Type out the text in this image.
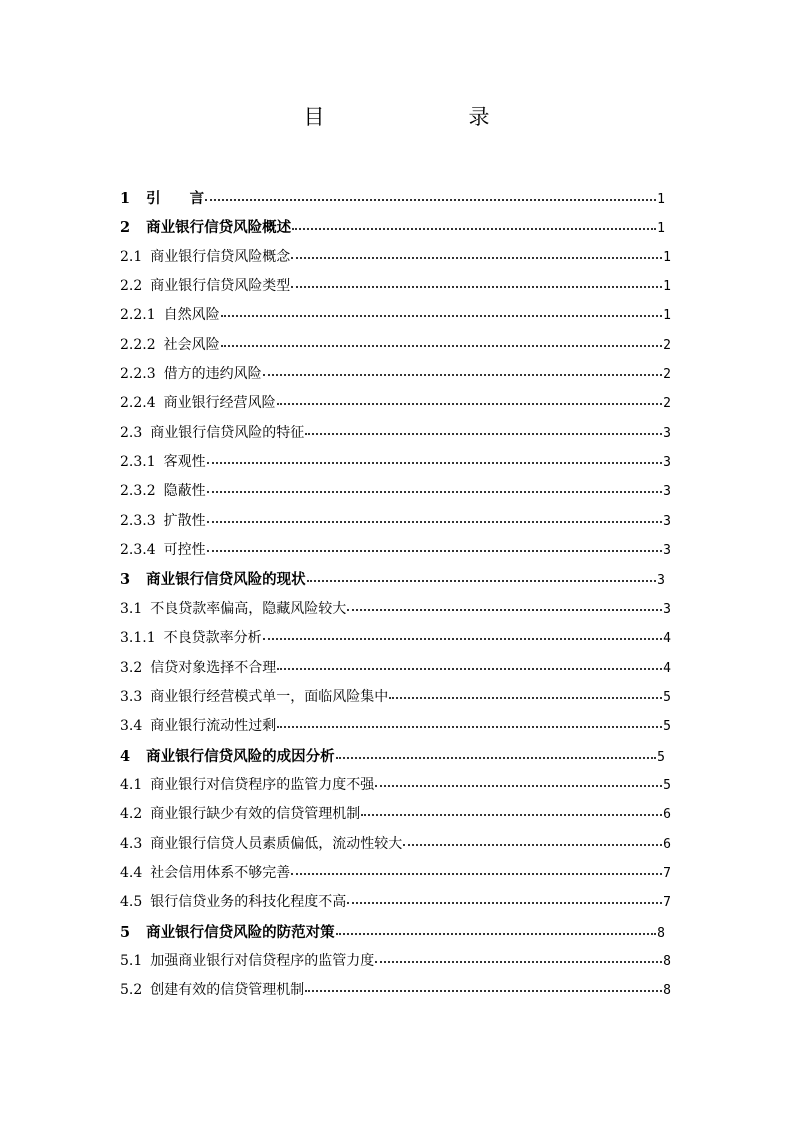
目　　录
1 引　　言	1
2 商业银行信贷风险概述	1
2.1 商业银行信贷风险概念	1
2.2 商业银行信贷风险类型	1
2.2.1 自然风险	1
2.2.2 社会风险	2
2.2.3 借方的违约风险	2
2.2.4 商业银行经营风险	2
2.3 商业银行信贷风险的特征	3
2.3.1 客观性	3
2.3.2 隐蔽性	3
2.3.3 扩散性	3
2.3.4 可控性	3
3 商业银行信贷风险的现状	3
3.1 不良贷款率偏高，隐藏风险较大	3
3.1.1 不良贷款率分析	4
3.2 信贷对象选择不合理	4
3.3 商业银行经营模式单一，面临风险集中	5
3.4 商业银行流动性过剩	5
4 商业银行信贷风险的成因分析	5
4.1 商业银行对信贷程序的监管力度不强	5
4.2 商业银行缺少有效的信贷管理机制	6
4.3 商业银行信贷人员素质偏低，流动性较大	6
4.4 社会信用体系不够完善	7
4.5 银行信贷业务的科技化程度不高	7
5 商业银行信贷风险的防范对策	8
5.1 加强商业银行对信贷程序的监管力度	8
5.2 创建有效的信贷管理机制	8
